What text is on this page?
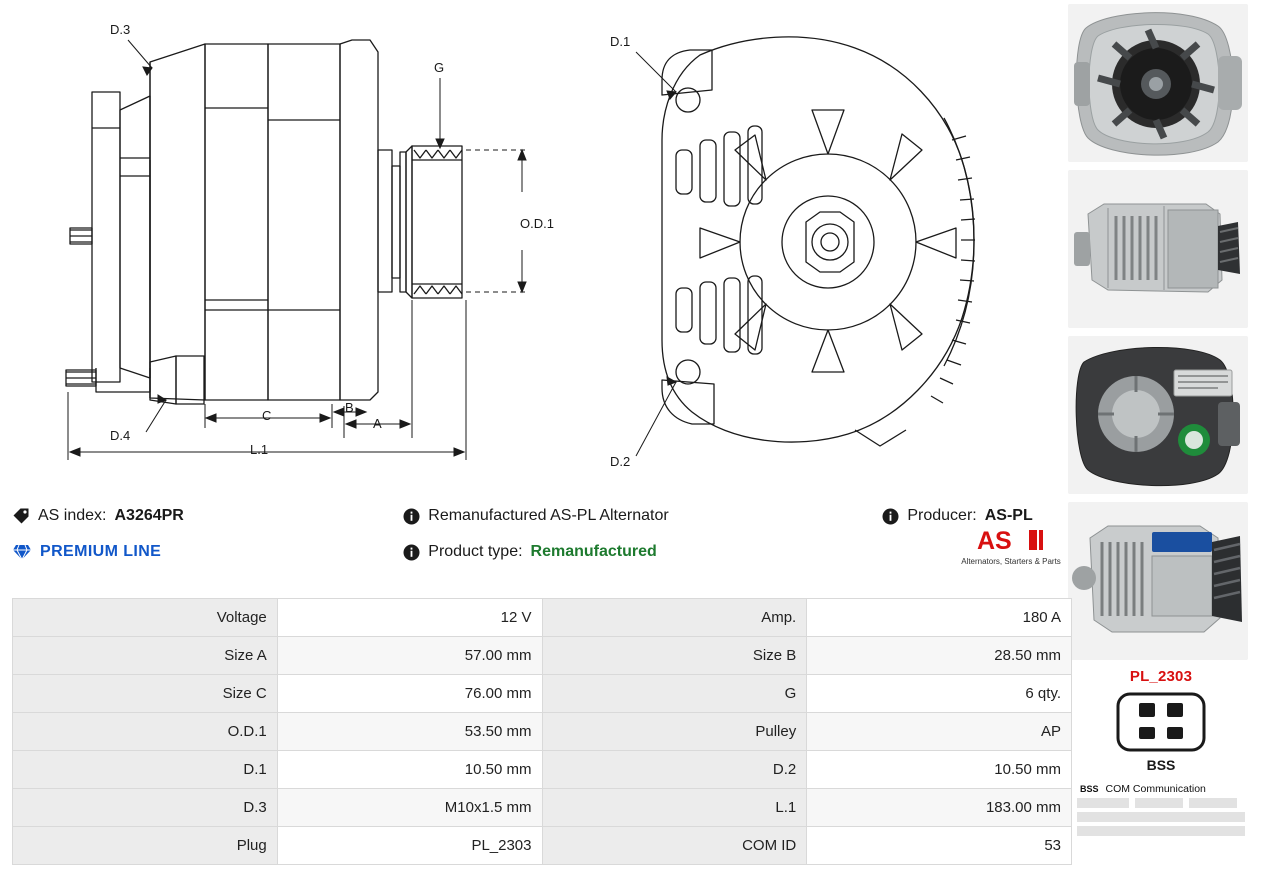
D.3
D.4
G
O.D.1
A
B
C
L.1
D.1
D.2
PL_2303
BSS
BSS COM Communication
AS index: A3264PR	Remanufactured AS-PL Alternator	Producer: AS-PL
PREMIUM LINE	Product type: Remanufactured	AS
Alternators, Starters & Parts
Voltage	12 V	Amp.	180 A
Size A	57.00 mm	Size B	28.50 mm
Size C	76.00 mm	G	6 qty.
O.D.1	53.50 mm	Pulley	AP
D.1	10.50 mm	D.2	10.50 mm
D.3	M10x1.5 mm	L.1	183.00 mm
Plug	PL_2303	COM ID	53
